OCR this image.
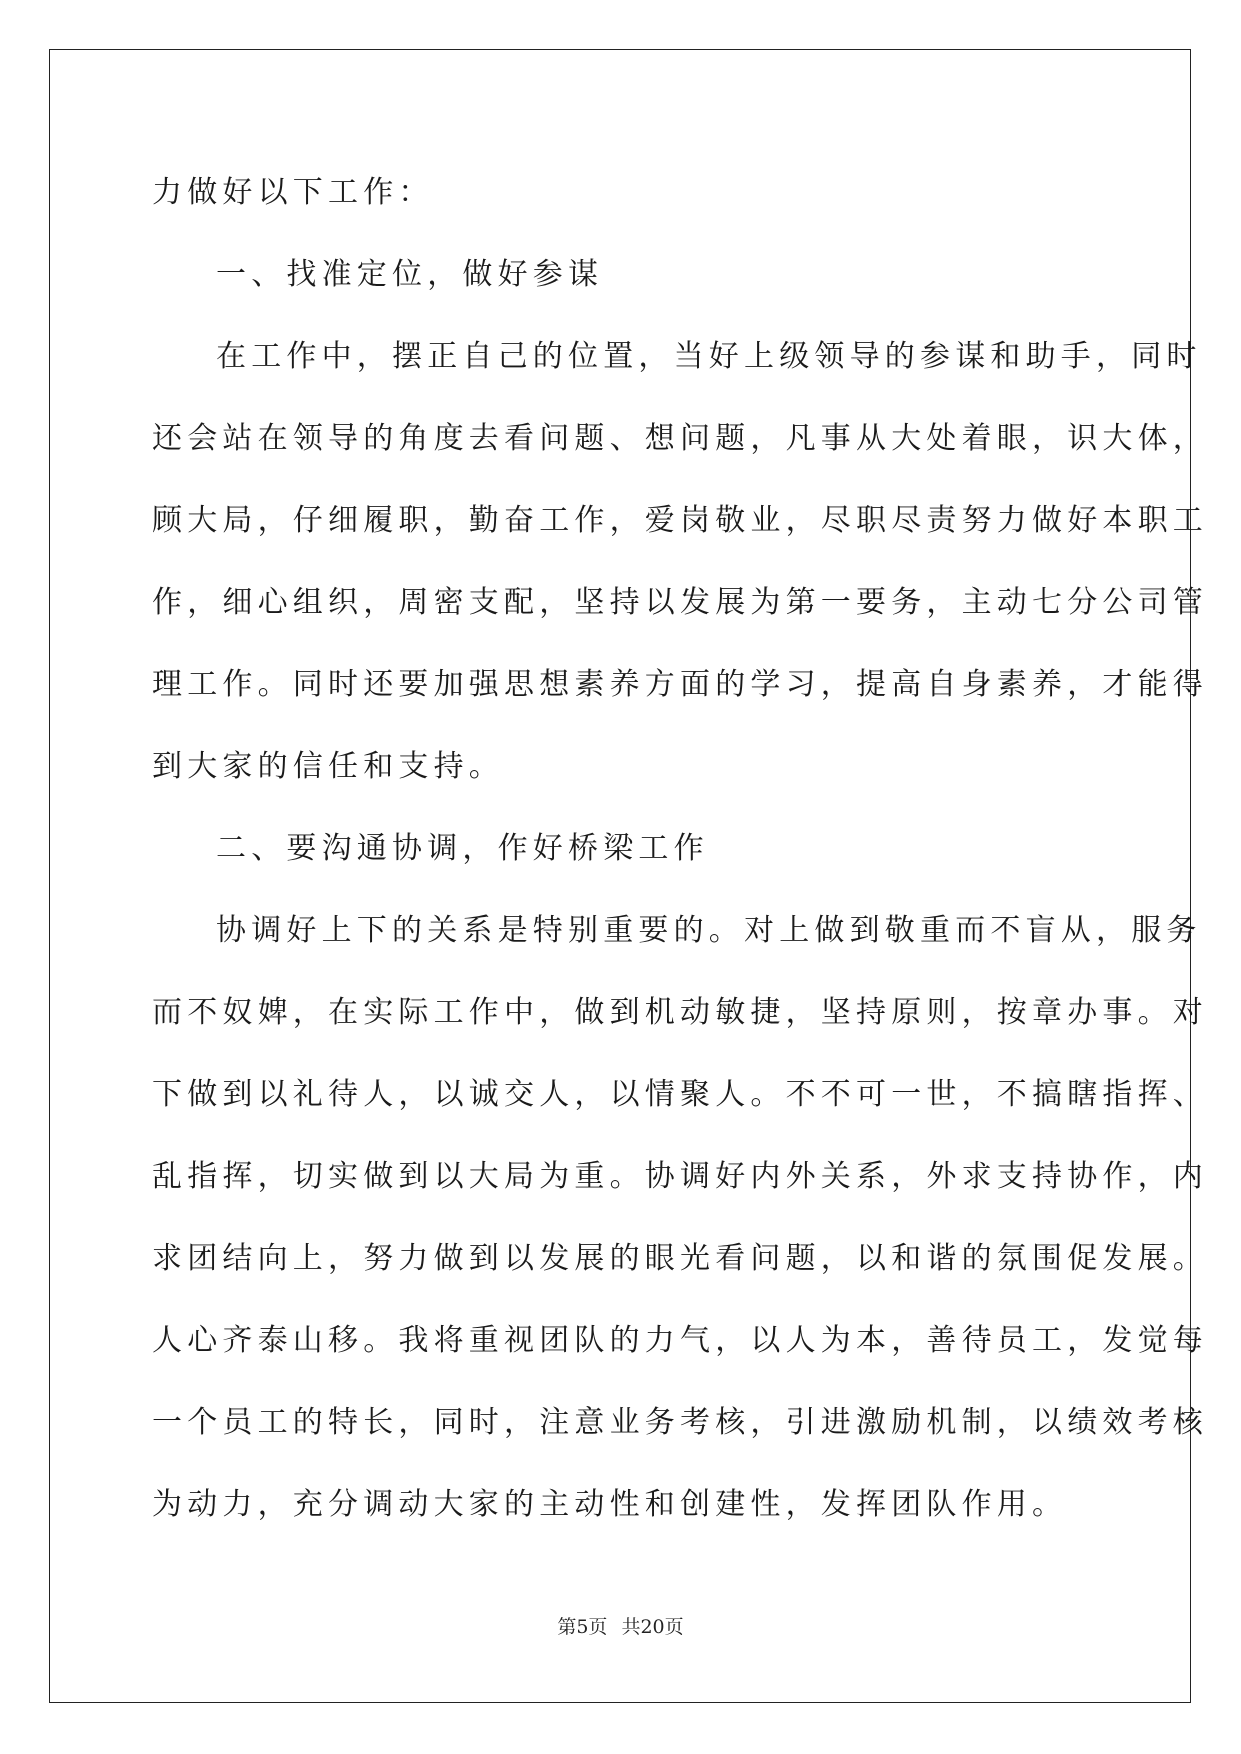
力做好以下工作：
一、找准定位，做好参谋
在工作中，摆正自己的位置，当好上级领导的参谋和助手，同时
还会站在领导的角度去看问题、想问题，凡事从大处着眼，识大体，
顾大局，仔细履职，勤奋工作，爱岗敬业，尽职尽责努力做好本职工
作，细心组织，周密支配，坚持以发展为第一要务，主动七分公司管
理工作。同时还要加强思想素养方面的学习，提高自身素养，才能得
到大家的信任和支持。
二、要沟通协调，作好桥梁工作
协调好上下的关系是特别重要的。对上做到敬重而不盲从，服务
而不奴婢，在实际工作中，做到机动敏捷，坚持原则，按章办事。对
下做到以礼待人，以诚交人，以情聚人。不不可一世，不搞瞎指挥、
乱指挥，切实做到以大局为重。协调好内外关系，外求支持协作，内
求团结向上，努力做到以发展的眼光看问题，以和谐的氛围促发展。
人心齐泰山移。我将重视团队的力气，以人为本，善待员工，发觉每
一个员工的特长，同时，注意业务考核，引进激励机制，以绩效考核
为动力，充分调动大家的主动性和创建性，发挥团队作用。
第5页 共20页
